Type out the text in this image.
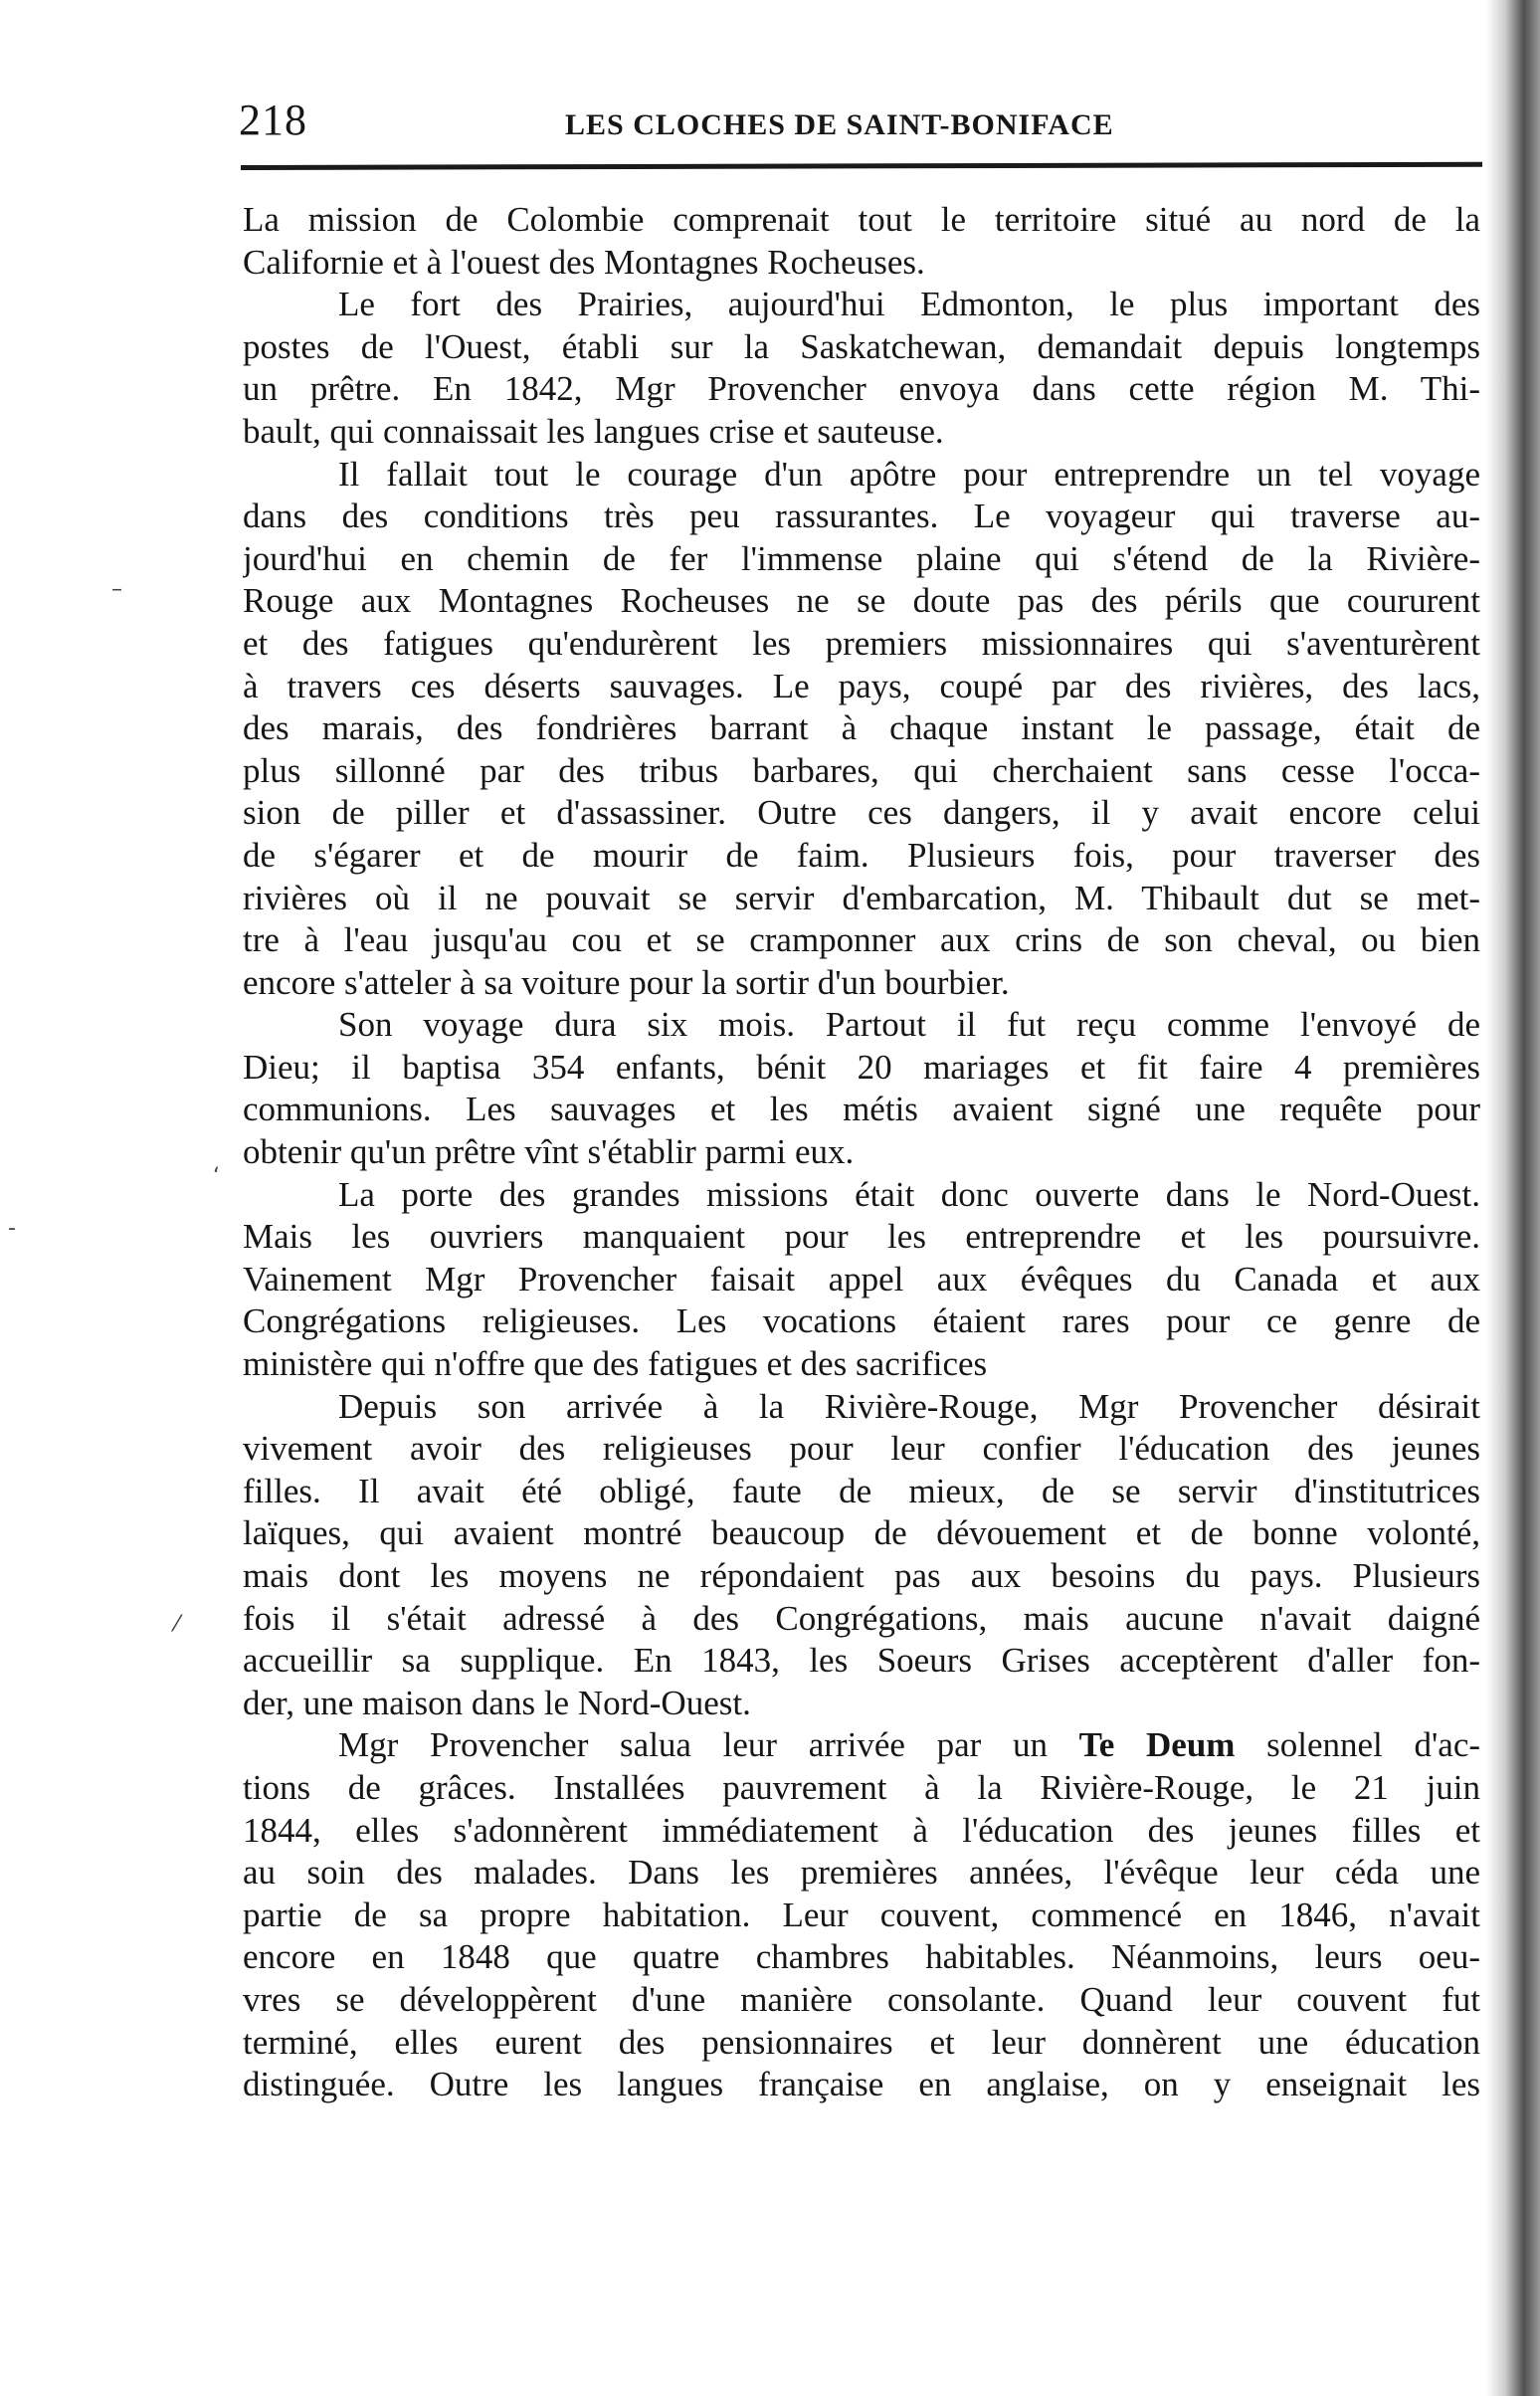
218	LES CLOCHES DE SAINT-BONIFACE
La mission de Colombie comprenait tout le territoire situé au nord de la
Californie et à l'ouest des Montagnes Rocheuses.
Le fort des Prairies, aujourd'hui Edmonton, le plus important des
postes de l'Ouest, établi sur la Saskatchewan, demandait depuis longtemps
un prêtre. En 1842, Mgr Provencher envoya dans cette région M. Thi-
bault, qui connaissait les langues crise et sauteuse.
Il fallait tout le courage d'un apôtre pour entreprendre un tel voyage
dans des conditions très peu rassurantes. Le voyageur qui traverse au-
jourd'hui en chemin de fer l'immense plaine qui s'étend de la Rivière-
Rouge aux Montagnes Rocheuses ne se doute pas des périls que coururent
et des fatigues qu'endurèrent les premiers missionnaires qui s'aventurèrent
à travers ces déserts sauvages. Le pays, coupé par des rivières, des lacs,
des marais, des fondrières barrant à chaque instant le passage, était de
plus sillonné par des tribus barbares, qui cherchaient sans cesse l'occa-
sion de piller et d'assassiner. Outre ces dangers, il y avait encore celui
de s'égarer et de mourir de faim. Plusieurs fois, pour traverser des
rivières où il ne pouvait se servir d'embarcation, M. Thibault dut se met-
tre à l'eau jusqu'au cou et se cramponner aux crins de son cheval, ou bien
encore s'atteler à sa voiture pour la sortir d'un bourbier.
Son voyage dura six mois. Partout il fut reçu comme l'envoyé de
Dieu; il baptisa 354 enfants, bénit 20 mariages et fit faire 4 premières
communions. Les sauvages et les métis avaient signé une requête pour
obtenir qu'un prêtre vînt s'établir parmi eux.
La porte des grandes missions était donc ouverte dans le Nord-Ouest.
Mais les ouvriers manquaient pour les entreprendre et les poursuivre.
Vainement Mgr Provencher faisait appel aux évêques du Canada et aux
Congrégations religieuses. Les vocations étaient rares pour ce genre de
ministère qui n'offre que des fatigues et des sacrifices
Depuis son arrivée à la Rivière-Rouge, Mgr Provencher désirait
vivement avoir des religieuses pour leur confier l'éducation des jeunes
filles. Il avait été obligé, faute de mieux, de se servir d'institutrices
laïques, qui avaient montré beaucoup de dévouement et de bonne volonté,
mais dont les moyens ne répondaient pas aux besoins du pays. Plusieurs
fois il s'était adressé à des Congrégations, mais aucune n'avait daigné
accueillir sa supplique. En 1843, les Soeurs Grises acceptèrent d'aller fon-
der, une maison dans le Nord-Ouest.
Mgr Provencher salua leur arrivée par un Te Deum solennel d'ac-
tions de grâces. Installées pauvrement à la Rivière-Rouge, le 21 juin
1844, elles s'adonnèrent immédiatement à l'éducation des jeunes filles et
au soin des malades. Dans les premières années, l'évêque leur céda une
partie de sa propre habitation. Leur couvent, commencé en 1846, n'avait
encore en 1848 que quatre chambres habitables. Néanmoins, leurs oeu-
vres se développèrent d'une manière consolante. Quand leur couvent fut
terminé, elles eurent des pensionnaires et leur donnèrent une éducation
distinguée. Outre les langues française en anglaise, on y enseignait les
–
‐
‘
⁄
